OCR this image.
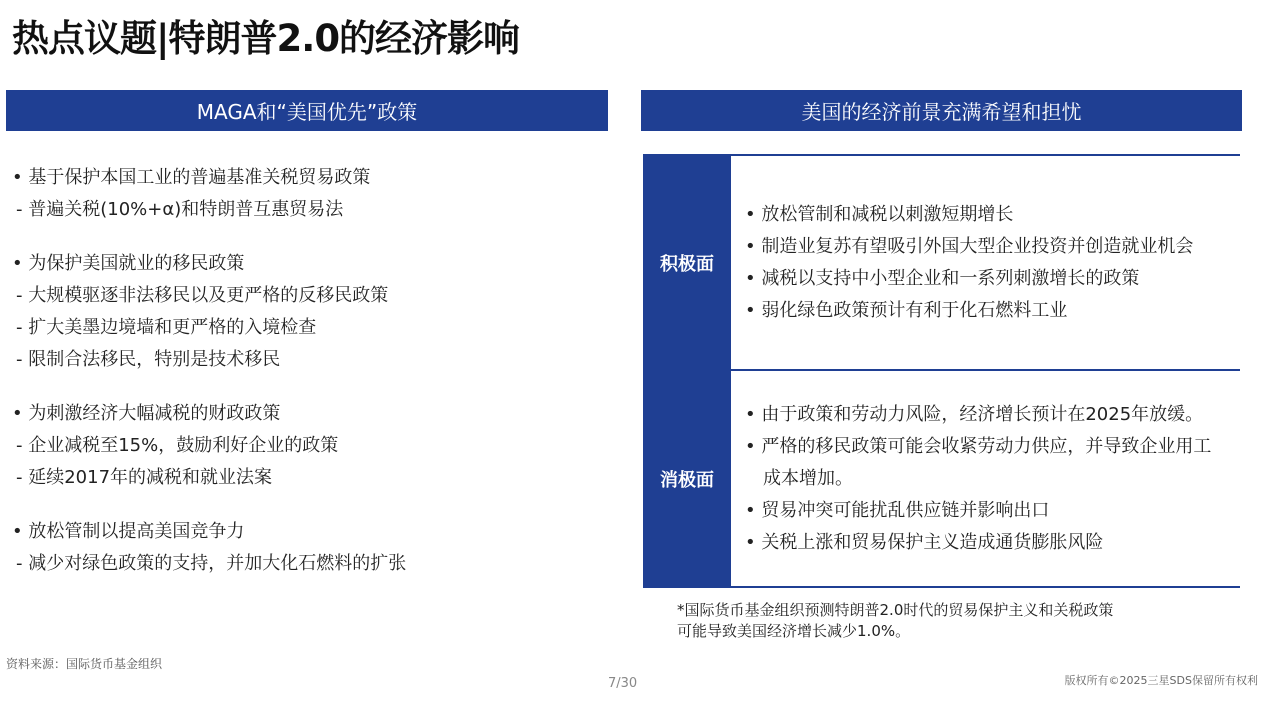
热点议题|特朗普2.0的经济影响
MAGA和“美国优先”政策
• 基于保护本国工业的普遍基准关税贸易政策
- 普遍关税(10%+α)和特朗普互惠贸易法
• 为保护美国就业的移民政策
- 大规模驱逐非法移民以及更严格的反移民政策
- 扩大美墨边境墙和更严格的入境检查
- 限制合法移民，特别是技术移民
• 为刺激经济大幅减税的财政政策
- 企业减税至15%，鼓励利好企业的政策
- 延续2017年的减税和就业法案
• 放松管制以提高美国竞争力
- 减少对绿色政策的支持，并加大化石燃料的扩张
美国的经济前景充满希望和担忧
积极面
• 放松管制和减税以刺激短期增长
• 制造业复苏有望吸引外国大型企业投资并创造就业机会
• 减税以支持中小型企业和一系列刺激增长的政策
• 弱化绿色政策预计有利于化石燃料工业
消极面
• 由于政策和劳动力风险，经济增长预计在2025年放缓。
• 严格的移民政策可能会收紧劳动力供应，并导致企业用工成本增加。
• 贸易冲突可能扰乱供应链并影响出口
• 关税上涨和贸易保护主义造成通货膨胀风险
*国际货币基金组织预测特朗普2.0时代的贸易保护主义和关税政策可能导致美国经济增长减少1.0%。
资料来源：国际货币基金组织
7/30	版权所有©2025三星SDS保留所有权利
